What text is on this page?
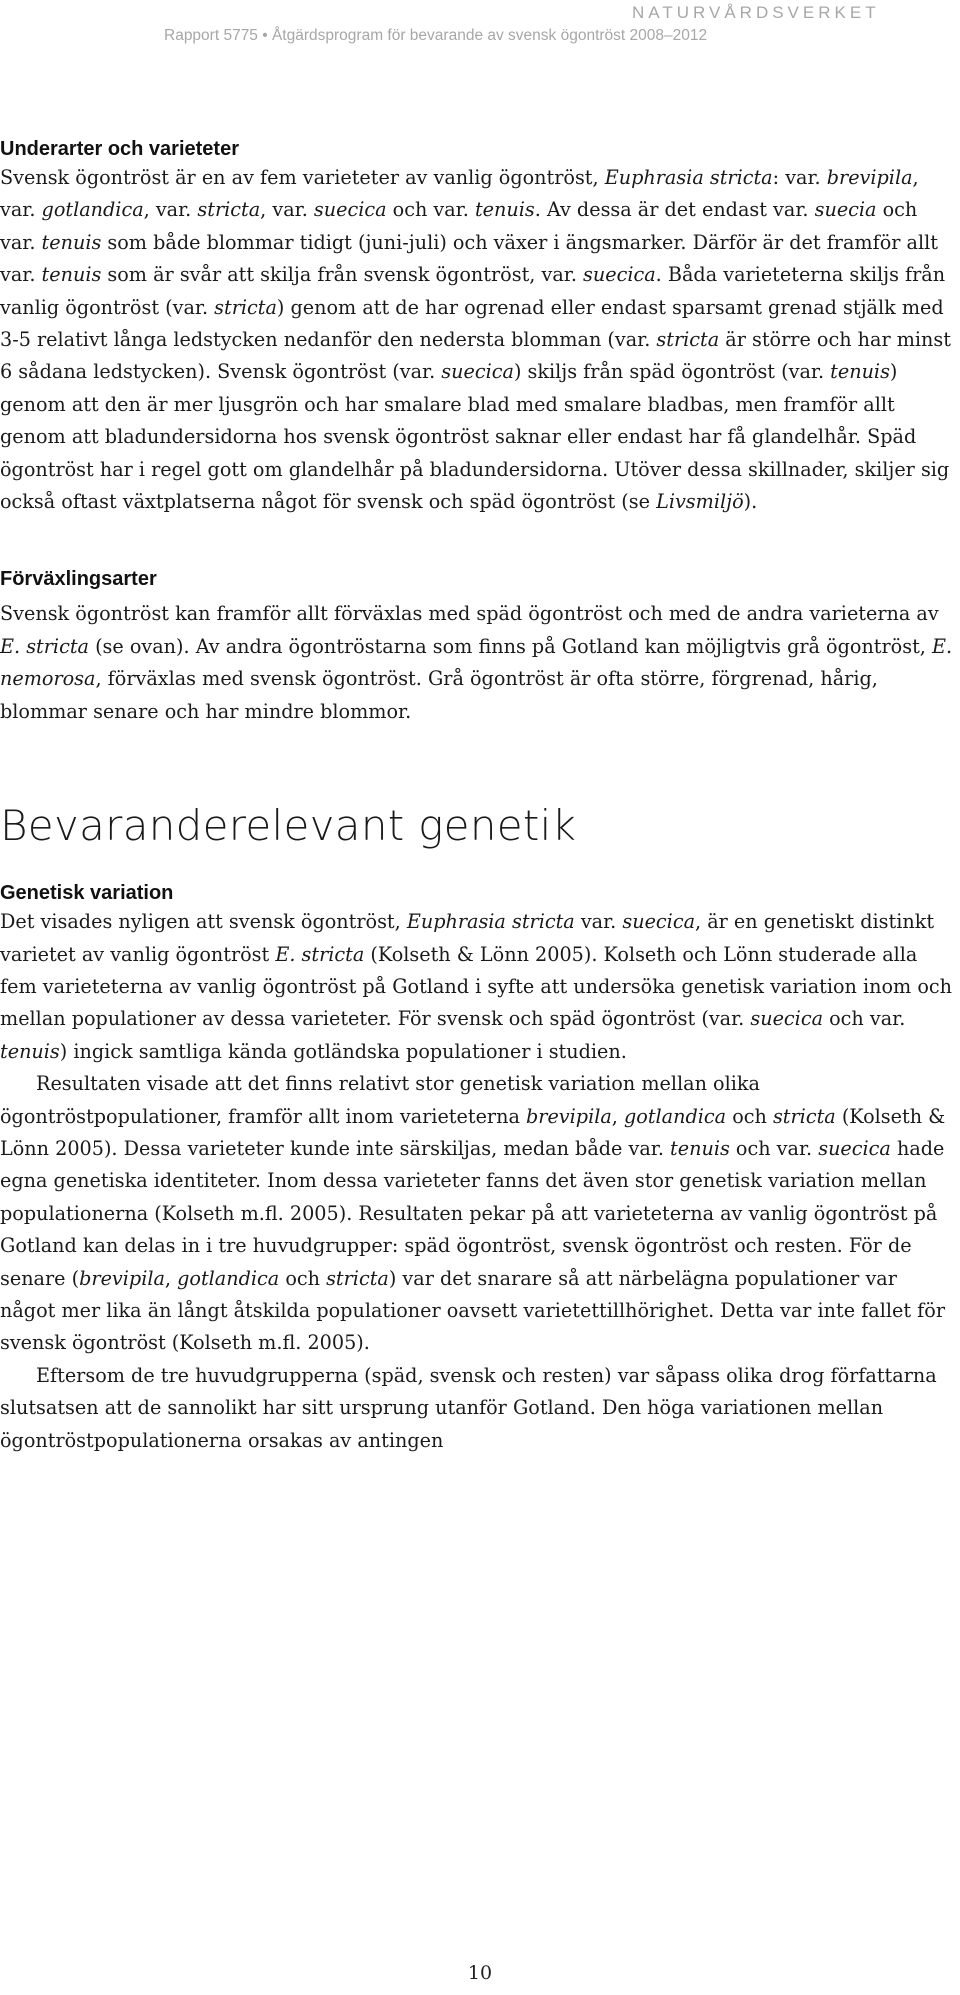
NATURVÅRDSVERKET
Rapport 5775 • Åtgärdsprogram för bevarande av svensk ögontröst 2008–2012
Underarter och varieteter

Svensk ögontröst är en av fem varieteter av vanlig ögontröst, Euphrasia stricta: var. brevipila, var. gotlandica, var. stricta, var. suecica och var. tenuis. Av dessa är det endast var. suecia och var. tenuis som både blommar tidigt (juni-juli) och växer i ängsmarker. Därför är det framför allt var. tenuis som är svår att skilja från svensk ögontröst, var. suecica. Båda varieteterna skiljs från vanlig ögontröst (var. stricta) genom att de har ogrenad eller endast sparsamt grenad stjälk med 3-5 relativt långa ledstycken nedanför den nedersta blomman (var. stricta är större och har minst 6 sådana ledstycken). Svensk ögontröst (var. suecica) skiljs från späd ögontröst (var. tenuis) genom att den är mer ljusgrön och har smalare blad med smalare bladbas, men framför allt genom att bladundersidorna hos svensk ögontröst saknar eller endast har få glandelhår. Späd ögontröst har i regel gott om glandelhår på bladundersidorna. Utöver dessa skillnader, skiljer sig också oftast växtplatserna något för svensk och späd ögontröst (se Livsmiljö).

Förväxlingsarter

Svensk ögontröst kan framför allt förväxlas med späd ögontröst och med de andra varieterna av E. stricta (se ovan). Av andra ögontröstarna som finns på Gotland kan möjligtvis grå ögontröst, E. nemorosa, förväxlas med svensk ögontröst. Grå ögontröst är ofta större, förgrenad, hårig, blommar senare och har mindre blommor.

Bevaranderelevant genetik
Genetisk variation

Det visades nyligen att svensk ögontröst, Euphrasia stricta var. suecica, är en genetiskt distinkt varietet av vanlig ögontröst E. stricta (Kolseth & Lönn 2005). Kolseth och Lönn studerade alla fem varieteterna av vanlig ögontröst på Gotland i syfte att undersöka genetisk variation inom och mellan populationer av dessa varieteter. För svensk och späd ögontröst (var. suecica och var. tenuis) ingick samtliga kända gotländska populationer i studien.

Resultaten visade att det finns relativt stor genetisk variation mellan olika ögontröstpopulationer, framför allt inom varieteterna brevipila, gotlandica och stricta (Kolseth & Lönn 2005). Dessa varieteter kunde inte särskiljas, medan både var. tenuis och var. suecica hade egna genetiska identiteter. Inom dessa varieteter fanns det även stor genetisk variation mellan populationerna (Kolseth m.fl. 2005). Resultaten pekar på att varieteterna av vanlig ögontröst på Gotland kan delas in i tre huvudgrupper: späd ögontröst, svensk ögontröst och resten. För de senare (brevipila, gotlandica och stricta) var det snarare så att närbelägna populationer var något mer lika än långt åtskilda populationer oavsett varietettillhörighet. Detta var inte fallet för svensk ögontröst (Kolseth m.fl. 2005).

Eftersom de tre huvudgrupperna (späd, svensk och resten) var såpass olika drog författarna slutsatsen att de sannolikt har sitt ursprung utanför Gotland. Den höga variationen mellan ögontröstpopulationerna orsakas av antingen

10
